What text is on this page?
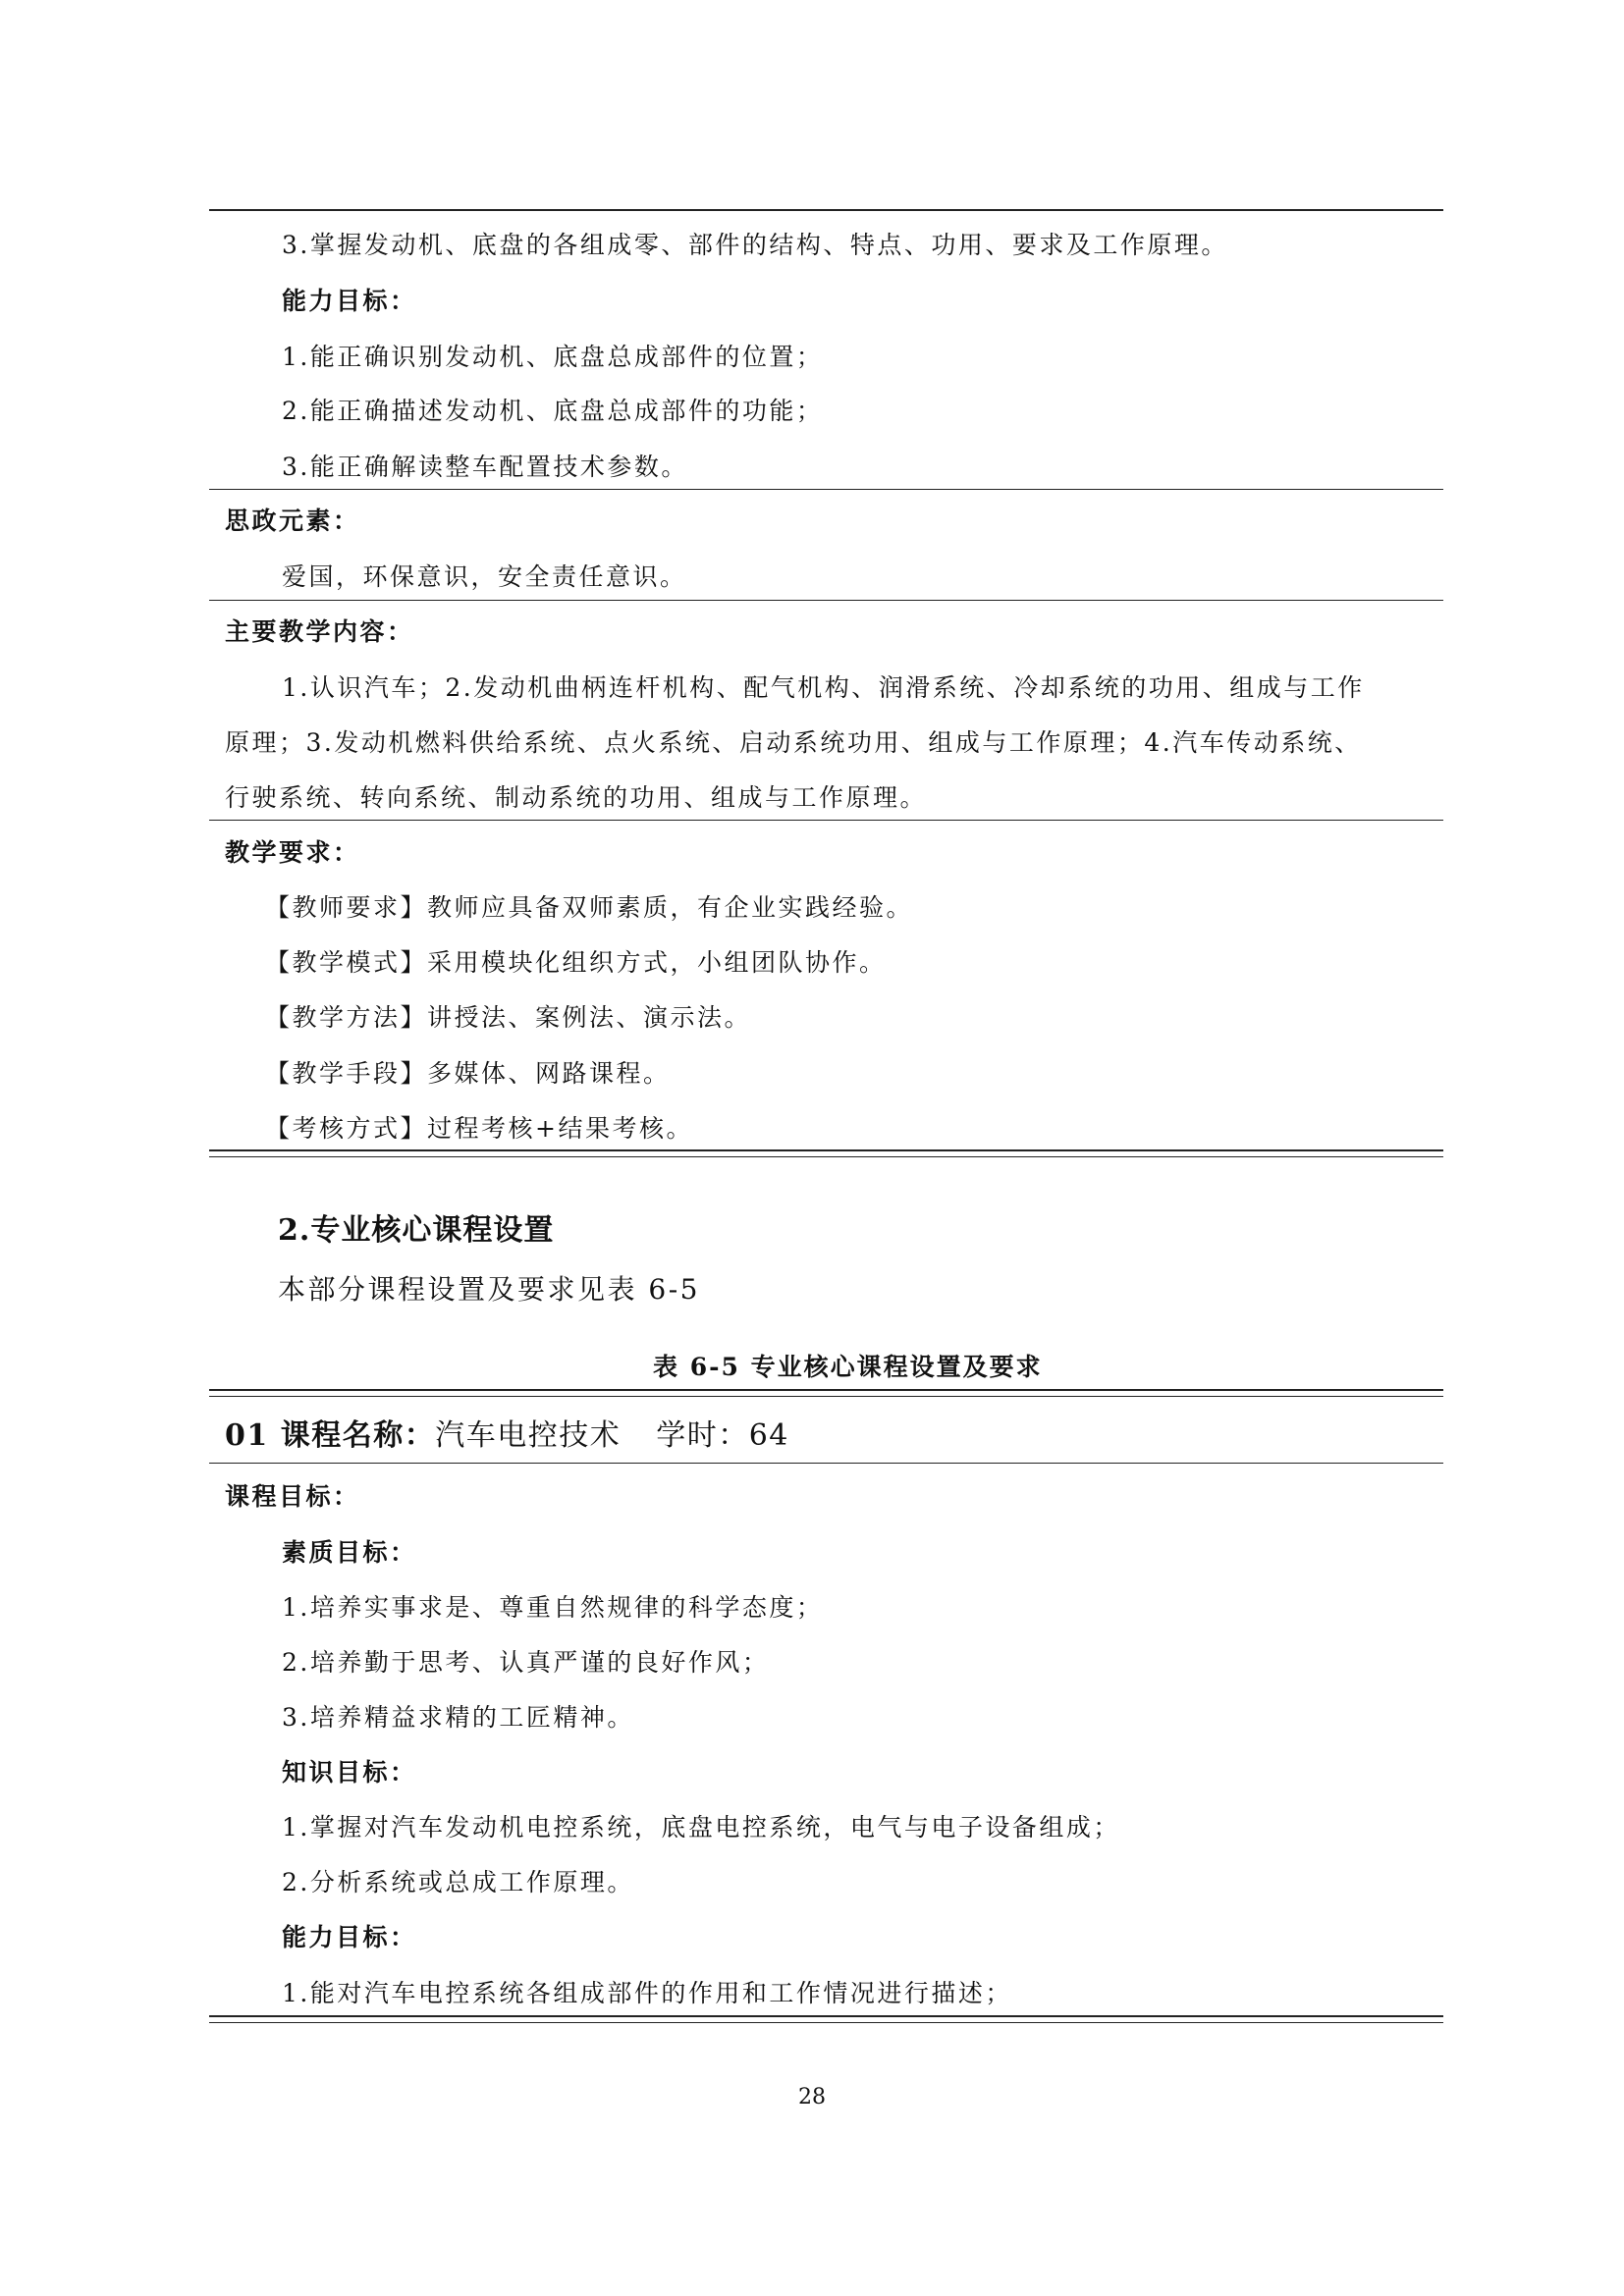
3.掌握发动机、底盘的各组成零、部件的结构、特点、功用、要求及工作原理。
能力目标：
1.能正确识别发动机、底盘总成部件的位置；
2.能正确描述发动机、底盘总成部件的功能；
3.能正确解读整车配置技术参数。
思政元素：
爱国，环保意识，安全责任意识。
主要教学内容：
1.认识汽车；2.发动机曲柄连杆机构、配气机构、润滑系统、冷却系统的功用、组成与工作
原理；3.发动机燃料供给系统、点火系统、启动系统功用、组成与工作原理；4.汽车传动系统、
行驶系统、转向系统、制动系统的功用、组成与工作原理。
教学要求：
【教师要求】教师应具备双师素质，有企业实践经验。
【教学模式】采用模块化组织方式，小组团队协作。
【教学方法】讲授法、案例法、演示法。
【教学手段】多媒体、网路课程。
【考核方式】过程考核+结果考核。
2.专业核心课程设置
本部分课程设置及要求见表 6-5
表 6-5 专业核心课程设置及要求
01 课程名称：汽车电控技术 学时：64
课程目标：
素质目标：
1.培养实事求是、尊重自然规律的科学态度；
2.培养勤于思考、认真严谨的良好作风；
3.培养精益求精的工匠精神。
知识目标：
1.掌握对汽车发动机电控系统，底盘电控系统，电气与电子设备组成；
2.分析系统或总成工作原理。
能力目标：
1.能对汽车电控系统各组成部件的作用和工作情况进行描述；
28
